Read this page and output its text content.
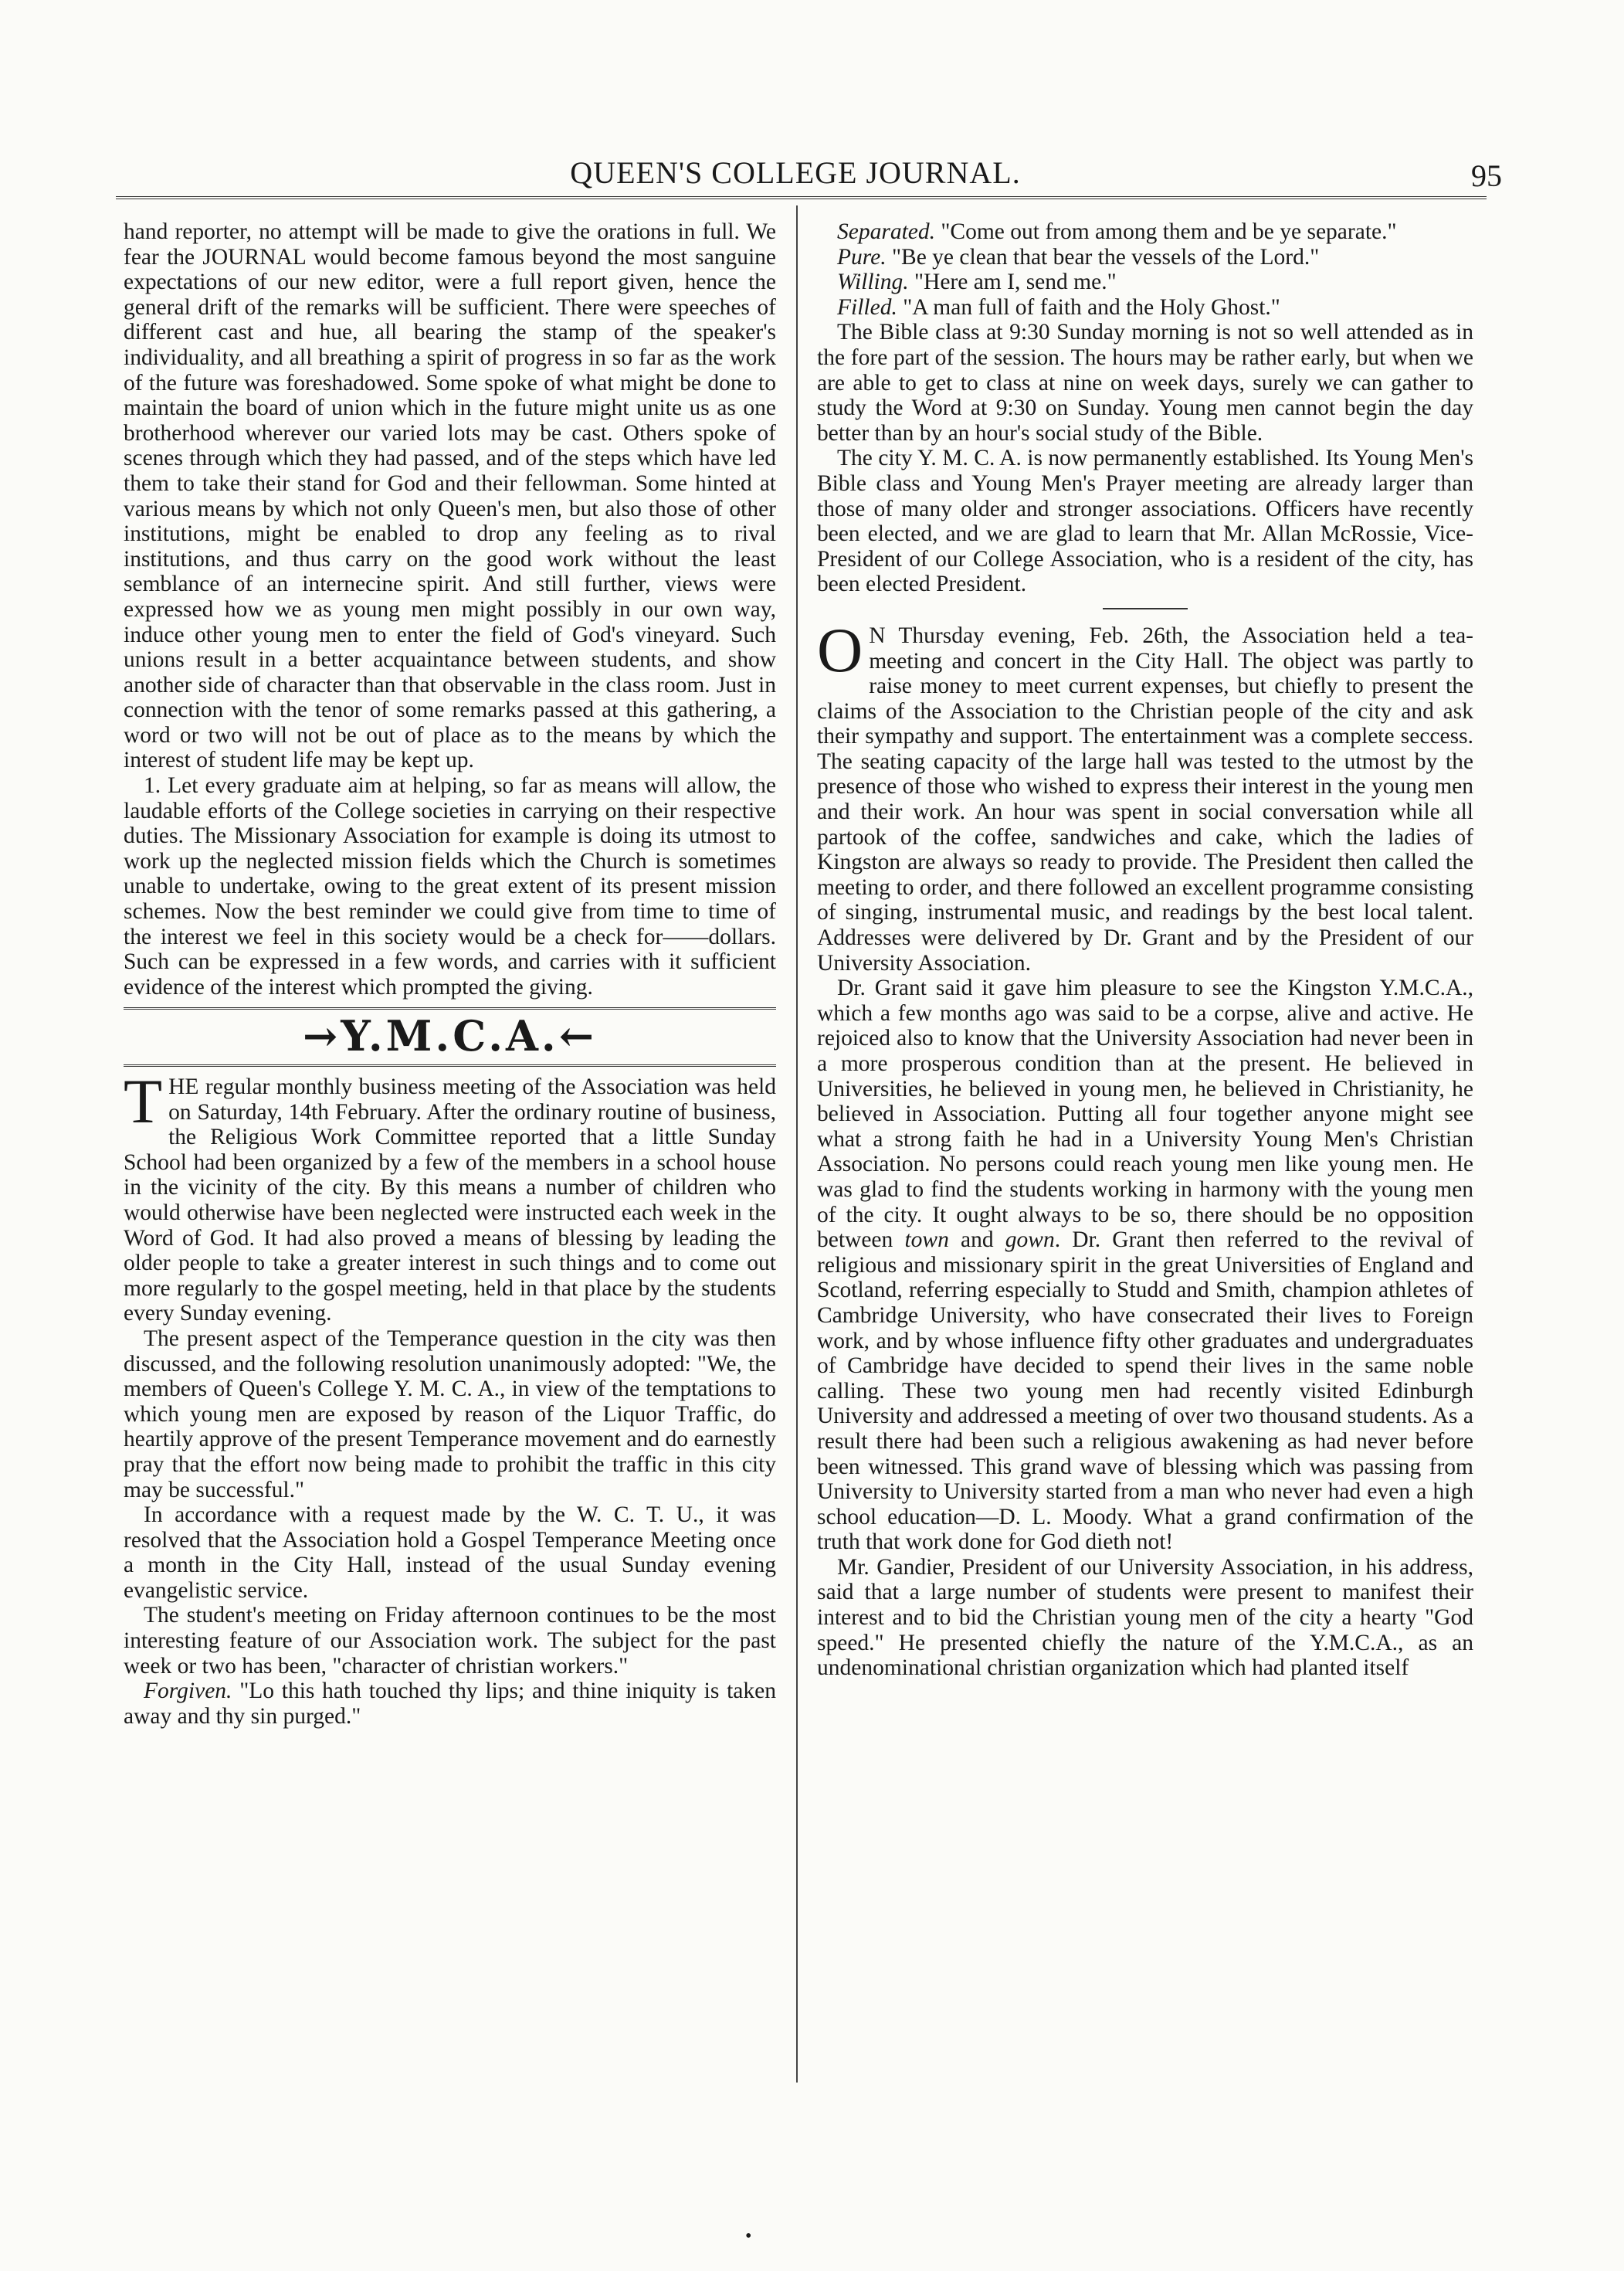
QUEEN'S COLLEGE JOURNAL.	95

hand reporter, no attempt will be made to give the orations in full. We fear the JOURNAL would become famous beyond the most sanguine expectations of our new editor, were a full report given, hence the general drift of the remarks will be sufficient. There were speeches of different cast and hue, all bearing the stamp of the speaker's individuality, and all breathing a spirit of progress in so far as the work of the future was foreshadowed. Some spoke of what might be done to maintain the board of union which in the future might unite us as one brotherhood wherever our varied lots may be cast. Others spoke of scenes through which they had passed, and of the steps which have led them to take their stand for God and their fellowman. Some hinted at various means by which not only Queen's men, but also those of other institutions, might be enabled to drop any feeling as to rival institutions, and thus carry on the good work without the least semblance of an internecine spirit. And still further, views were expressed how we as young men might possibly in our own way, induce other young men to enter the field of God's vineyard. Such unions result in a better acquaintance between students, and show another side of character than that observable in the class room. Just in connection with the tenor of some remarks passed at this gathering, a word or two will not be out of place as to the means by which the interest of student life may be kept up.

1. Let every graduate aim at helping, so far as means will allow, the laudable efforts of the College societies in carrying on their respective duties. The Missionary Association for example is doing its utmost to work up the neglected mission fields which the Church is sometimes unable to undertake, owing to the great extent of its present mission schemes. Now the best reminder we could give from time to time of the interest we feel in this society would be a check for——dollars. Such can be expressed in a few words, and carries with it sufficient evidence of the interest which prompted the giving.

→Y.M.C.A.←

THE regular monthly business meeting of the Association was held on Saturday, 14th February. After the ordinary routine of business, the Religious Work Committee reported that a little Sunday School had been organized by a few of the members in a school house in the vicinity of the city. By this means a number of children who would otherwise have been neglected were instructed each week in the Word of God. It had also proved a means of blessing by leading the older people to take a greater interest in such things and to come out more regularly to the gospel meeting, held in that place by the students every Sunday evening.

The present aspect of the Temperance question in the city was then discussed, and the following resolution unanimously adopted: "We, the members of Queen's College Y. M. C. A., in view of the temptations to which young men are exposed by reason of the Liquor Traffic, do heartily approve of the present Temperance movement and do earnestly pray that the effort now being made to prohibit the traffic in this city may be successful."

In accordance with a request made by the W. C. T. U., it was resolved that the Association hold a Gospel Temperance Meeting once a month in the City Hall, instead of the usual Sunday evening evangelistic service.

The student's meeting on Friday afternoon continues to be the most interesting feature of our Association work. The subject for the past week or two has been, "character of christian workers."

Forgiven. "Lo this hath touched thy lips; and thine iniquity is taken away and thy sin purged."

Separated. "Come out from among them and be ye separate."

Pure. "Be ye clean that bear the vessels of the Lord."

Willing. "Here am I, send me."

Filled. "A man full of faith and the Holy Ghost."

The Bible class at 9:30 Sunday morning is not so well attended as in the fore part of the session. The hours may be rather early, but when we are able to get to class at nine on week days, surely we can gather to study the Word at 9:30 on Sunday. Young men cannot begin the day better than by an hour's social study of the Bible.

The city Y. M. C. A. is now permanently established. Its Young Men's Bible class and Young Men's Prayer meeting are already larger than those of many older and stronger associations. Officers have recently been elected, and we are glad to learn that Mr. Allan McRossie, Vice-President of our College Association, who is a resident of the city, has been elected President.

O N Thursday evening, Feb. 26th, the Association held a tea-meeting and concert in the City Hall. The object was partly to raise money to meet current expenses, but chiefly to present the claims of the Association to the Christian people of the city and ask their sympathy and support. The entertainment was a complete seccess. The seating capacity of the large hall was tested to the utmost by the presence of those who wished to express their interest in the young men and their work. An hour was spent in social conversation while all partook of the coffee, sandwiches and cake, which the ladies of Kingston are always so ready to provide. The President then called the meeting to order, and there followed an excellent programme consisting of singing, instrumental music, and readings by the best local talent. Addresses were delivered by Dr. Grant and by the President of our University Association.

Dr. Grant said it gave him pleasure to see the Kingston Y.M.C.A., which a few months ago was said to be a corpse, alive and active. He rejoiced also to know that the University Association had never been in a more prosperous condition than at the present. He believed in Universities, he believed in young men, he believed in Christianity, he believed in Association. Putting all four together anyone might see what a strong faith he had in a University Young Men's Christian Association. No persons could reach young men like young men. He was glad to find the students working in harmony with the young men of the city. It ought always to be so, there should be no opposition between town and gown. Dr. Grant then referred to the revival of religious and missionary spirit in the great Universities of England and Scotland, referring especially to Studd and Smith, champion athletes of Cambridge University, who have consecrated their lives to Foreign work, and by whose influence fifty other graduates and undergraduates of Cambridge have decided to spend their lives in the same noble calling. These two young men had recently visited Edinburgh University and addressed a meeting of over two thousand students. As a result there had been such a religious awakening as had never before been witnessed. This grand wave of blessing which was passing from University to University started from a man who never had even a high school education—D. L. Moody. What a grand confirmation of the truth that work done for God dieth not!

Mr. Gandier, President of our University Association, in his address, said that a large number of students were present to manifest their interest and to bid the Christian young men of the city a hearty "God speed." He presented chiefly the nature of the Y.M.C.A., as an undenominational christian organization which had planted itself

•
